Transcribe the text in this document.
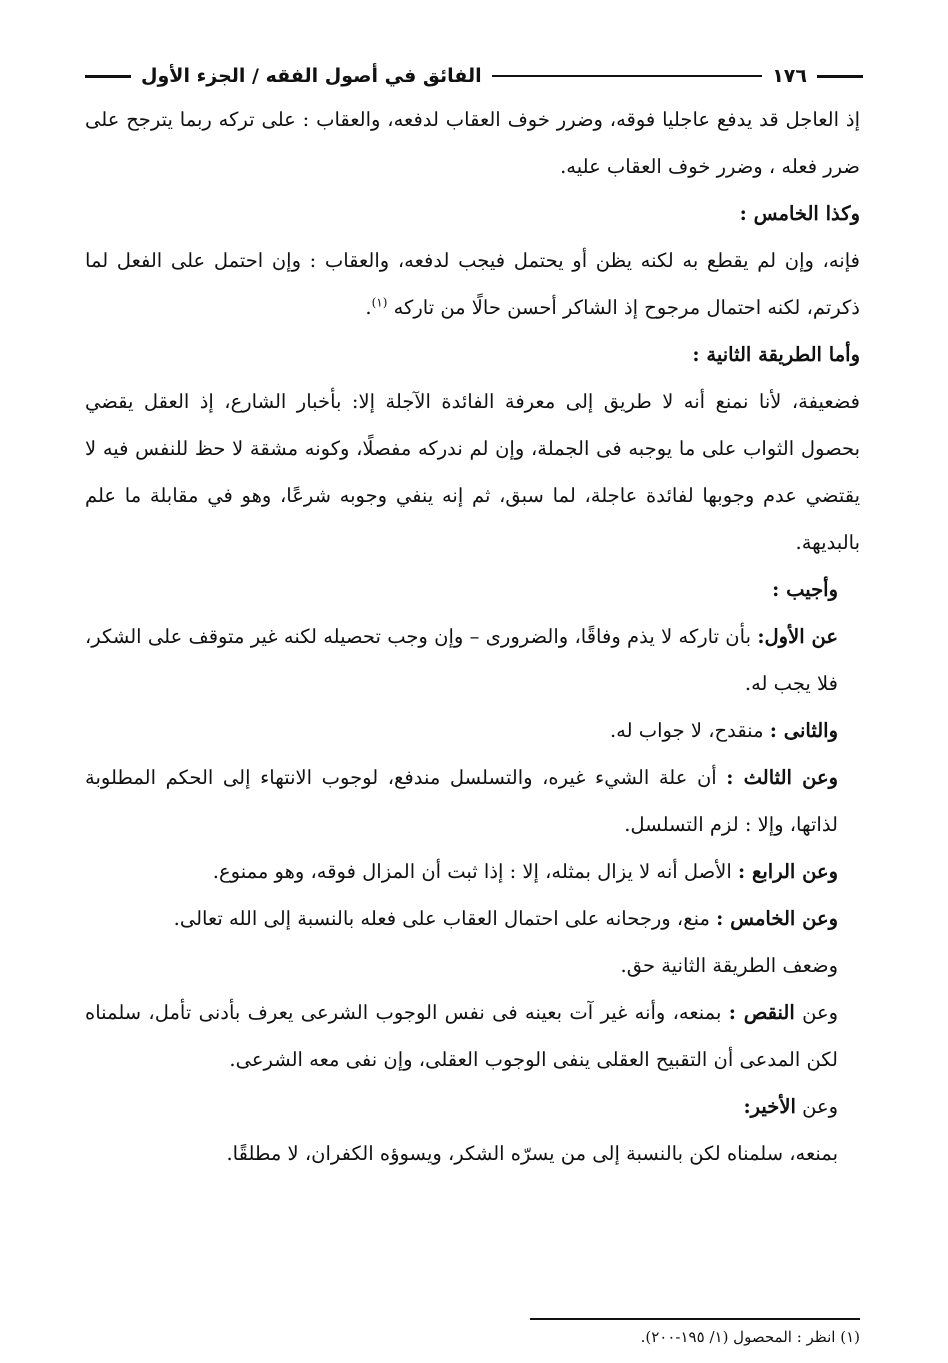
١٧٦
الفائق في أصول الفقه / الجزء الأول

إذ العاجل قد يدفع عاجليا فوقه، وضرر خوف العقاب لدفعه، والعقاب : على تركه ربما يترجح على ضرر فعله ، وضرر خوف العقاب عليه.

وكذا الخامس :

فإنه، وإن لم يقطع به لكنه يظن أو يحتمل فيجب لدفعه، والعقاب : وإن احتمل على الفعل لما ذكرتم، لكنه احتمال مرجوح إذ الشاكر أحسن حالًا من تاركه $^{(١)}$.

وأما الطريقة الثانية :

فضعيفة، لأنا نمنع أنه لا طريق إلى معرفة الفائدة الآجلة إلا: بأخبار الشارع، إذ العقل يقضي بحصول الثواب على ما يوجبه فى الجملة، وإن لم ندركه مفصلًا، وكونه مشقة لا حظ للنفس فيه لا يقتضي عدم وجوبها لفائدة عاجلة، لما سبق، ثم إنه ينفي وجوبه شرعًا، وهو في مقابلة ما علم بالبديهة.

وأجيب :

عن الأول: بأن تاركه لا يذم وفاقًا، والضرورى – وإن وجب تحصيله لكنه غير متوقف على الشكر، فلا يجب له.

والثانى : منقدح، لا جواب له.

وعن الثالث : أن علة الشيء غيره، والتسلسل مندفع، لوجوب الانتهاء إلى الحكم المطلوبة لذاتها، وإلا : لزم التسلسل.

وعن الرابع : الأصل أنه لا يزال بمثله، إلا : إذا ثبت أن المزال فوقه، وهو ممنوع.

وعن الخامس : منع، ورجحانه على احتمال العقاب على فعله بالنسبة إلى الله تعالى.

وضعف الطريقة الثانية حق.

وعن النقص : بمنعه، وأنه غير آت بعينه فى نفس الوجوب الشرعى يعرف بأدنى تأمل، سلمناه لكن المدعى أن التقبيح العقلى ينفى الوجوب العقلى، وإن نفى معه الشرعى.

وعن الأخير:

بمنعه، سلمناه لكن بالنسبة إلى من يسرّه الشكر، ويسوؤه الكفران، لا مطلقًا.

(١) انظر : المحصول (١/ ١٩٥-٢٠٠).
